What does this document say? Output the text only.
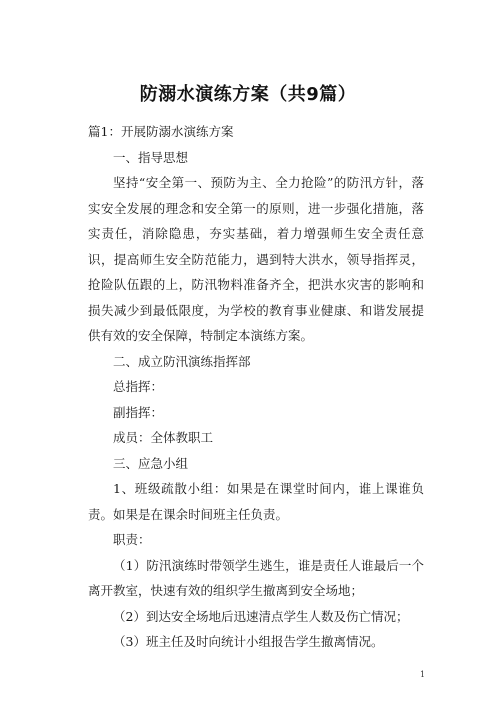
防溺水演练方案（共9篇）

篇1：开展防溺水演练方案

一、指导思想

坚持“安全第一、预防为主、全力抢险”的防汛方针，落实安全发展的理念和安全第一的原则，进一步强化措施，落实责任，消除隐患，夯实基础，着力增强师生安全责任意识，提高师生安全防范能力，遇到特大洪水，领导指挥灵，抢险队伍跟的上，防汛物料准备齐全，把洪水灾害的影响和损失减少到最低限度，为学校的教育事业健康、和谐发展提供有效的安全保障，特制定本演练方案。

二、成立防汛演练指挥部

总指挥：

副指挥：

成员：全体教职工

三、应急小组

1、班级疏散小组：如果是在课堂时间内，谁上课谁负责。如果是在课余时间班主任负责。

职责：

（1）防汛演练时带领学生逃生，谁是责任人谁最后一个离开教室，快速有效的组织学生撤离到安全场地；

（2）到达安全场地后迅速清点学生人数及伤亡情况；

（3）班主任及时向统计小组报告学生撤离情况。

1
